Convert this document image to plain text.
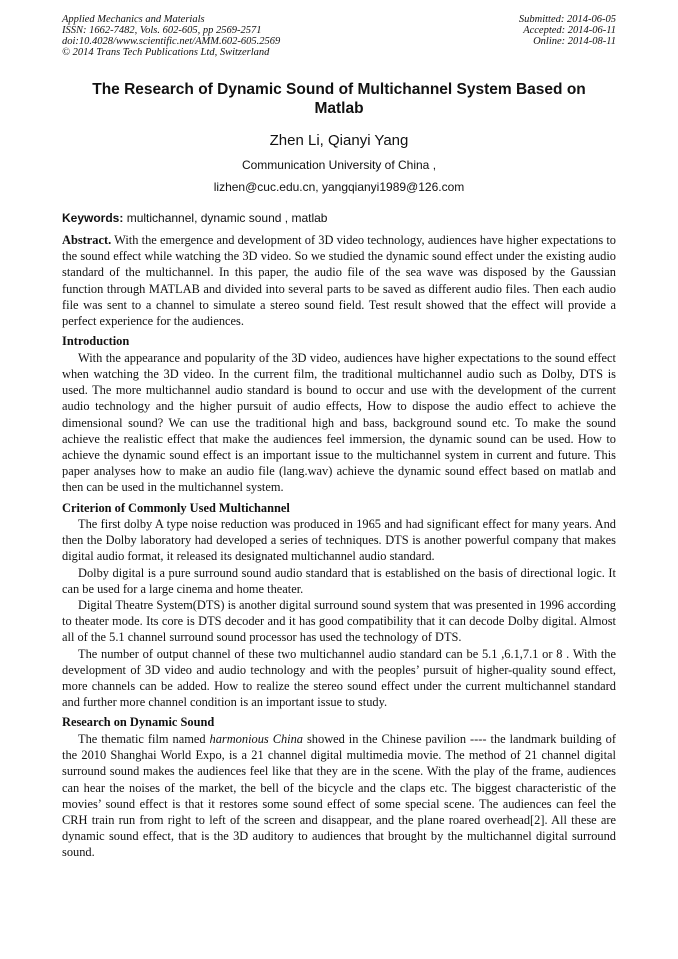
Applied Mechanics and Materials
ISSN: 1662-7482, Vols. 602-605, pp 2569-2571
doi:10.4028/www.scientific.net/AMM.602-605.2569
© 2014 Trans Tech Publications Ltd, Switzerland
Submitted: 2014-06-05
Accepted: 2014-06-11
Online: 2014-08-11
The Research of Dynamic Sound of Multichannel System Based on Matlab
Zhen Li, Qianyi Yang
Communication University of China ,
lizhen@cuc.edu.cn, yangqianyi1989@126.com
Keywords: multichannel, dynamic sound , matlab

Abstract. With the emergence and development of 3D video technology, audiences have higher expectations to the sound effect while watching the 3D video. So we studied the dynamic sound effect under the existing audio standard of the multichannel. In this paper, the audio file of the sea wave was disposed by the Gaussian function through MATLAB and divided into several parts to be saved as different audio files. Then each audio file was sent to a channel to simulate a stereo sound field. Test result showed that the effect will provide a perfect experience for the audiences.

Introduction

With the appearance and popularity of the 3D video, audiences have higher expectations to the sound effect when watching the 3D video. In the current film, the traditional multichannel audio such as Dolby, DTS is used. The more multichannel audio standard is bound to occur and use with the development of the current audio technology and the higher pursuit of audio effects, How to dispose the audio effect to achieve the dimensional sound? We can use the traditional high and bass, background sound etc. To make the sound achieve the realistic effect that make the audiences feel immersion, the dynamic sound can be used. How to achieve the dynamic sound effect is an important issue to the multichannel system in current and future. This paper analyses how to make an audio file (lang.wav) achieve the dynamic sound effect based on matlab and then can be used in the multichannel system.

Criterion of Commonly Used Multichannel

The first dolby A type noise reduction was produced in 1965 and had significant effect for many years. And then the Dolby laboratory had developed a series of techniques. DTS is another powerful company that makes digital audio format, it released its designated multichannel audio standard.

Dolby digital is a pure surround sound audio standard that is established on the basis of directional logic. It can be used for a large cinema and home theater.

Digital Theatre System(DTS) is another digital surround sound system that was presented in 1996 according to theater mode. Its core is DTS decoder and it has good compatibility that it can decode Dolby digital. Almost all of the 5.1 channel surround sound processor has used the technology of DTS.

The number of output channel of these two multichannel audio standard can be 5.1 ,6.1,7.1 or 8 . With the development of 3D video and audio technology and with the peoples’ pursuit of higher-quality sound effect, more channels can be added. How to realize the stereo sound effect under the current multichannel standard and further more channel condition is an important issue to study.

Research on Dynamic Sound

The thematic film named harmonious China showed in the Chinese pavilion ---- the landmark building of the 2010 Shanghai World Expo, is a 21 channel digital multimedia movie. The method of 21 channel digital surround sound makes the audiences feel like that they are in the scene. With the play of the frame, audiences can hear the noises of the market, the bell of the bicycle and the claps etc. The biggest characteristic of the movies’ sound effect is that it restores some sound effect of some special scene. The audiences can feel the CRH train run from right to left of the screen and disappear, and the plane roared overhead[2]. All these are dynamic sound effect, that is the 3D auditory to audiences that brought by the multichannel digital surround sound.
